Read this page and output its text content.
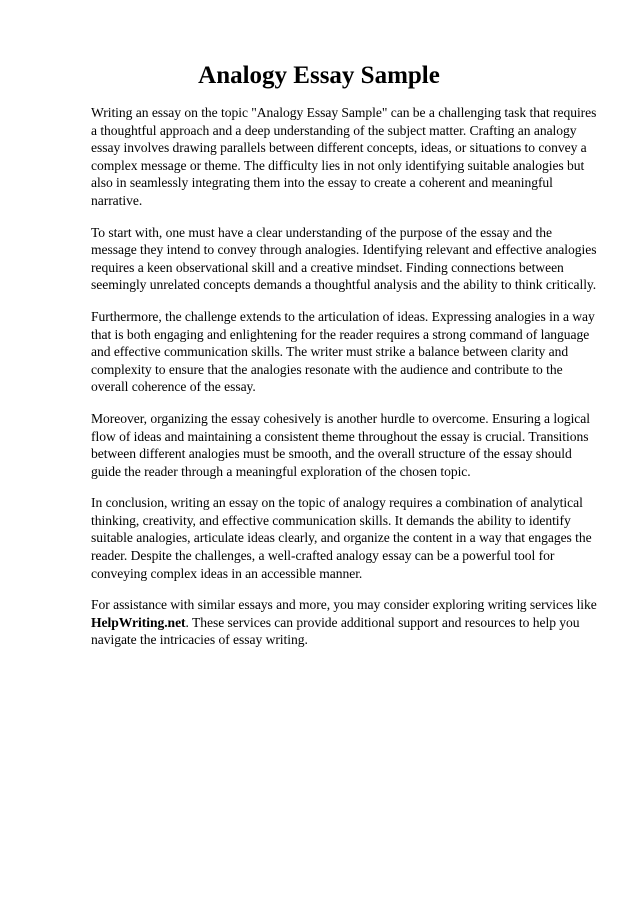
Analogy Essay Sample

Writing an essay on the topic "Analogy Essay Sample" can be a challenging task that requires a thoughtful approach and a deep understanding of the subject matter. Crafting an analogy essay involves drawing parallels between different concepts, ideas, or situations to convey a complex message or theme. The difficulty lies in not only identifying suitable analogies but also in seamlessly integrating them into the essay to create a coherent and meaningful narrative.

To start with, one must have a clear understanding of the purpose of the essay and the message they intend to convey through analogies. Identifying relevant and effective analogies requires a keen observational skill and a creative mindset. Finding connections between seemingly unrelated concepts demands a thoughtful analysis and the ability to think critically.

Furthermore, the challenge extends to the articulation of ideas. Expressing analogies in a way that is both engaging and enlightening for the reader requires a strong command of language and effective communication skills. The writer must strike a balance between clarity and complexity to ensure that the analogies resonate with the audience and contribute to the overall coherence of the essay.

Moreover, organizing the essay cohesively is another hurdle to overcome. Ensuring a logical flow of ideas and maintaining a consistent theme throughout the essay is crucial. Transitions between different analogies must be smooth, and the overall structure of the essay should guide the reader through a meaningful exploration of the chosen topic.

In conclusion, writing an essay on the topic of analogy requires a combination of analytical thinking, creativity, and effective communication skills. It demands the ability to identify suitable analogies, articulate ideas clearly, and organize the content in a way that engages the reader. Despite the challenges, a well-crafted analogy essay can be a powerful tool for conveying complex ideas in an accessible manner.

For assistance with similar essays and more, you may consider exploring writing services like HelpWriting.net. These services can provide additional support and resources to help you navigate the intricacies of essay writing.
